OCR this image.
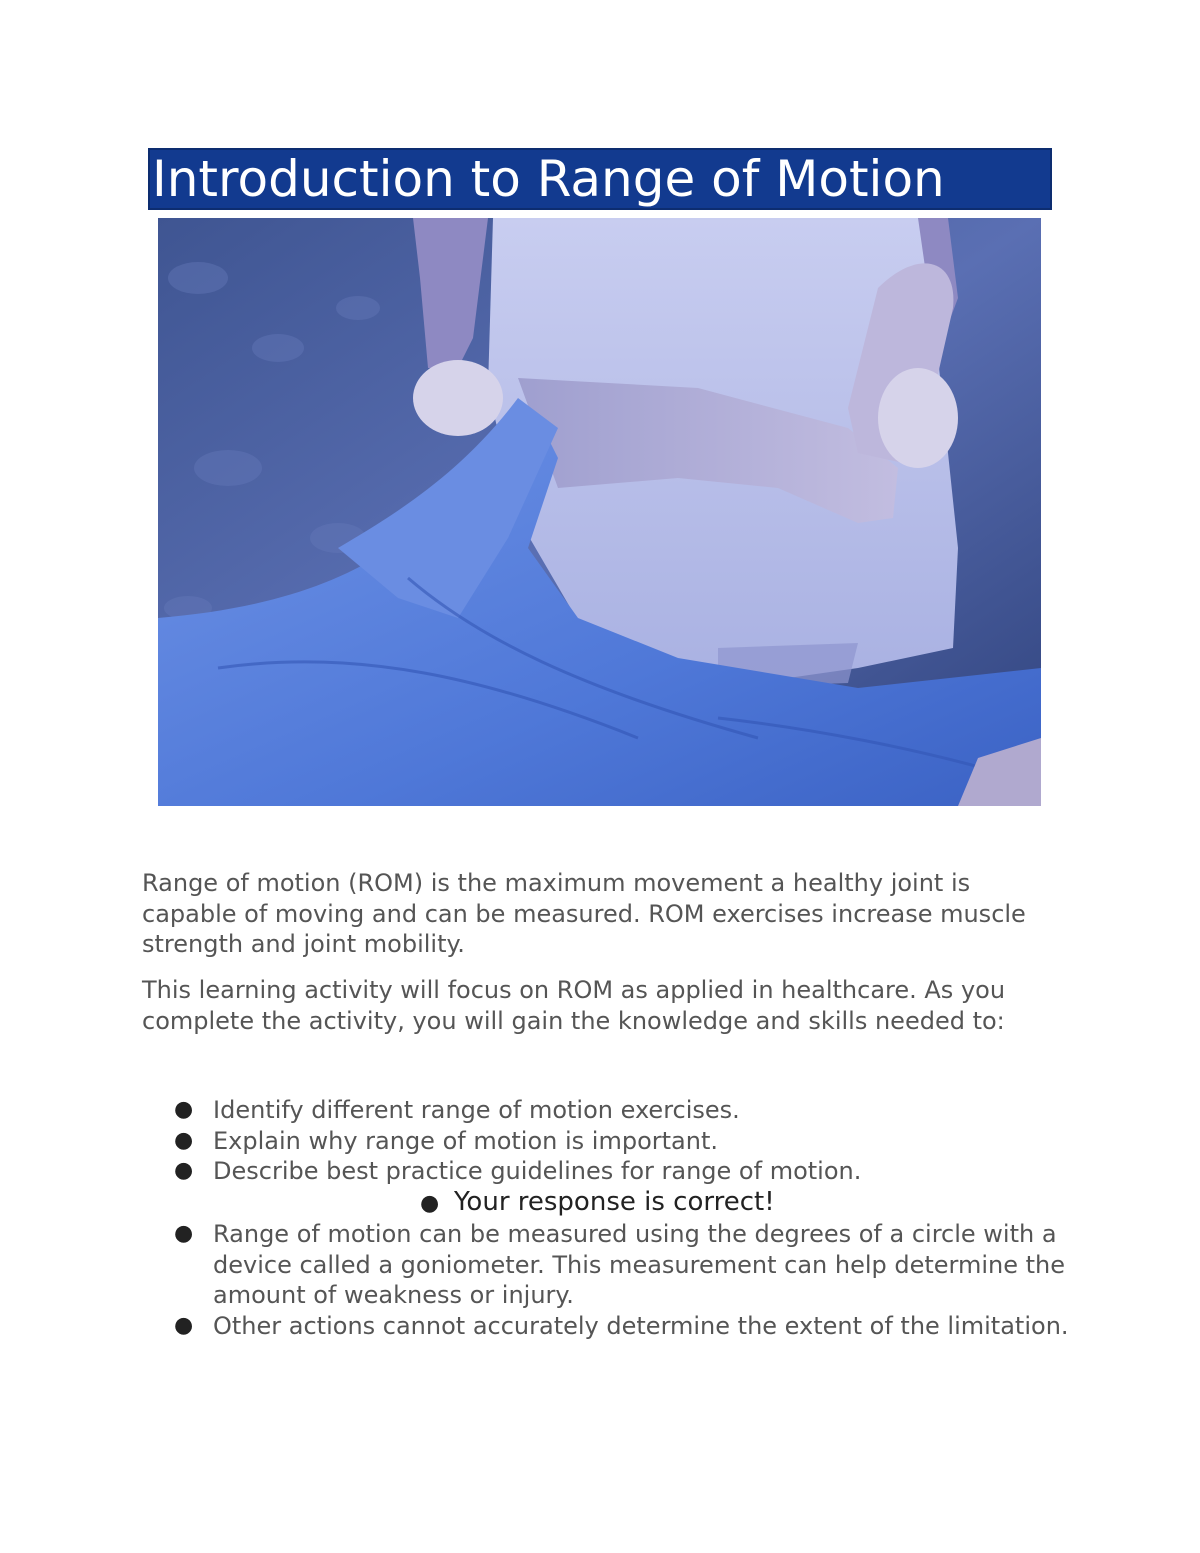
Introduction to Range of Motion
Range of motion (ROM) is the maximum movement a healthy joint is capable of moving and can be measured. ROM exercises increase muscle strength and joint mobility.
This learning activity will focus on ROM as applied in healthcare. As you complete the activity, you will gain the knowledge and skills needed to:
● Identify different range of motion exercises.
● Explain why range of motion is important.
● Describe best practice guidelines for range of motion.
● Your response is correct!
● Range of motion can be measured using the degrees of a circle with a device called a goniometer. This measurement can help determine the amount of weakness or injury.
● Other actions cannot accurately determine the extent of the limitation.
